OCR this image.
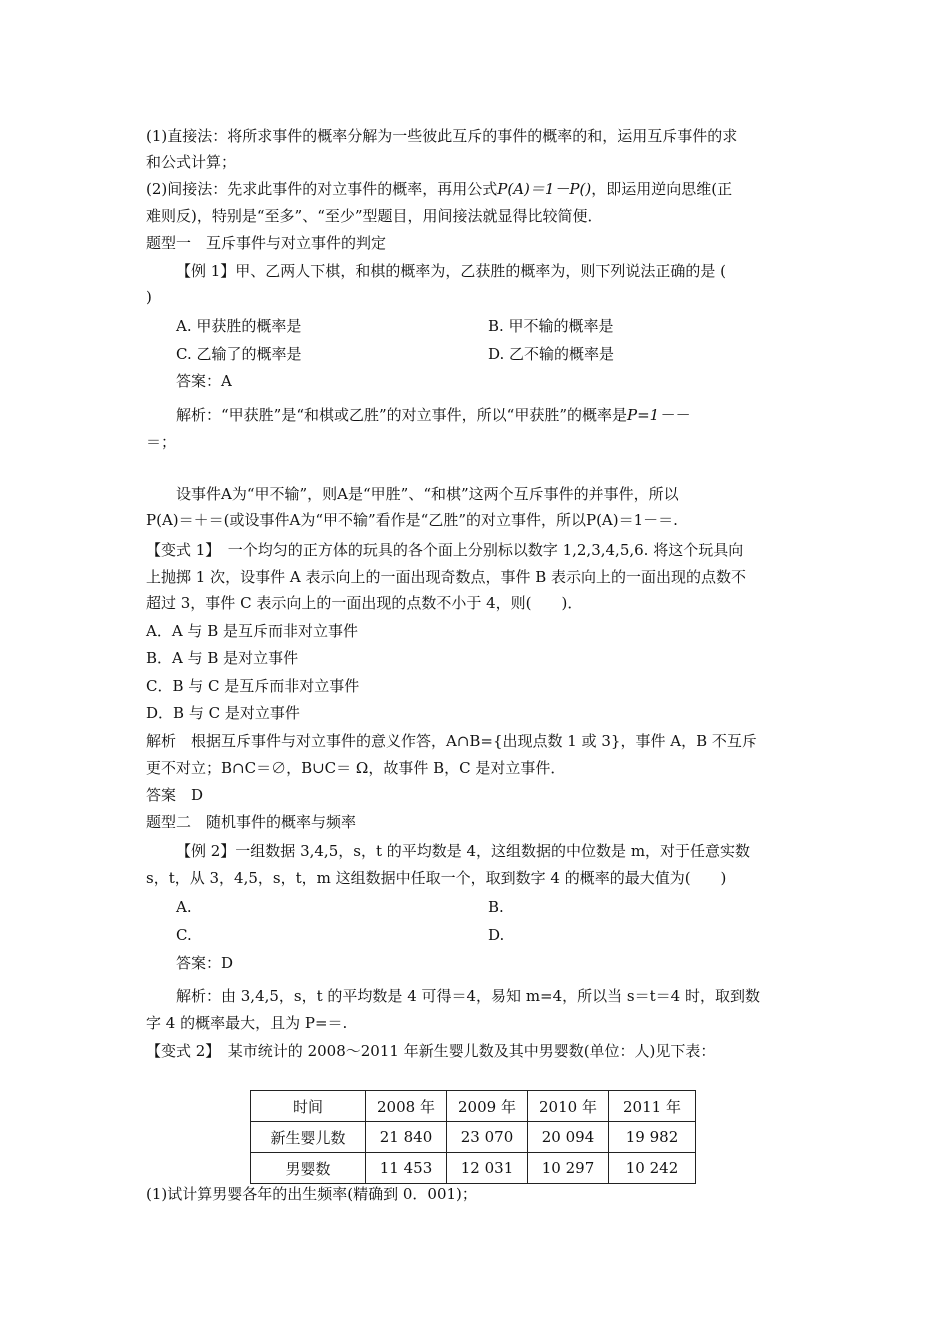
(1)直接法：将所求事件的概率分解为一些彼此互斥的事件的概率的和，运用互斥事件的求
和公式计算；
(2)间接法：先求此事件的对立事件的概率，再用公式P(A)＝1－P()，即运用逆向思维(正
难则反)，特别是“至多”、“至少”型题目，用间接法就显得比较简便．
题型一　互斥事件与对立事件的判定
【例 1】甲、乙两人下棋，和棋的概率为，乙获胜的概率为，则下列说法正确的是 (
)
A. 甲获胜的概率是	B. 甲不输的概率是
C. 乙输了的概率是	D. 乙不输的概率是
答案：A
解析：“甲获胜”是“和棋或乙胜”的对立事件，所以“甲获胜”的概率是P=1－－
＝；
设事件A为“甲不输”，则A是“甲胜”、“和棋”这两个互斥事件的并事件，所以
P(A)＝＋＝(或设事件A为“甲不输”看作是“乙胜”的对立事件，所以P(A)＝1－＝.
【变式 1】　一个均匀的正方体的玩具的各个面上分别标以数字 1,2,3,4,5,6. 将这个玩具向
上抛掷 1 次，设事件 A 表示向上的一面出现奇数点，事件 B 表示向上的一面出现的点数不
超过 3，事件 C 表示向上的一面出现的点数不小于 4，则(　　)．
A．A 与 B 是互斥而非对立事件
B．A 与 B 是对立事件
C．B 与 C 是互斥而非对立事件
D．B 与 C 是对立事件
解析　根据互斥事件与对立事件的意义作答，A∩B={出现点数 1 或 3}，事件 A，B 不互斥
更不对立；B∩C＝∅，B∪C＝ Ω，故事件 B，C 是对立事件．
答案　D
题型二　随机事件的概率与频率
【例 2】一组数据 3,4,5，s，t 的平均数是 4，这组数据的中位数是 m，对于任意实数
s，t，从 3，4,5，s，t，m 这组数据中任取一个，取到数字 4 的概率的最大值为(　　)
A.	B.
C.	D.
答案：D
解析：由 3,4,5，s，t 的平均数是 4 可得＝4，易知 m=4，所以当 s＝t＝4 时，取到数
字 4 的概率最大，且为 P=＝.
【变式 2】　某市统计的 2008～2011 年新生婴儿数及其中男婴数(单位：人)见下表：
时间	2008 年	2009 年	2010 年	2011 年
新生婴儿数	21 840	23 070	20 094	19 982
男婴数	11 453	12 031	10 297	10 242
(1)试计算男婴各年的出生频率(精确到 0．001)；
